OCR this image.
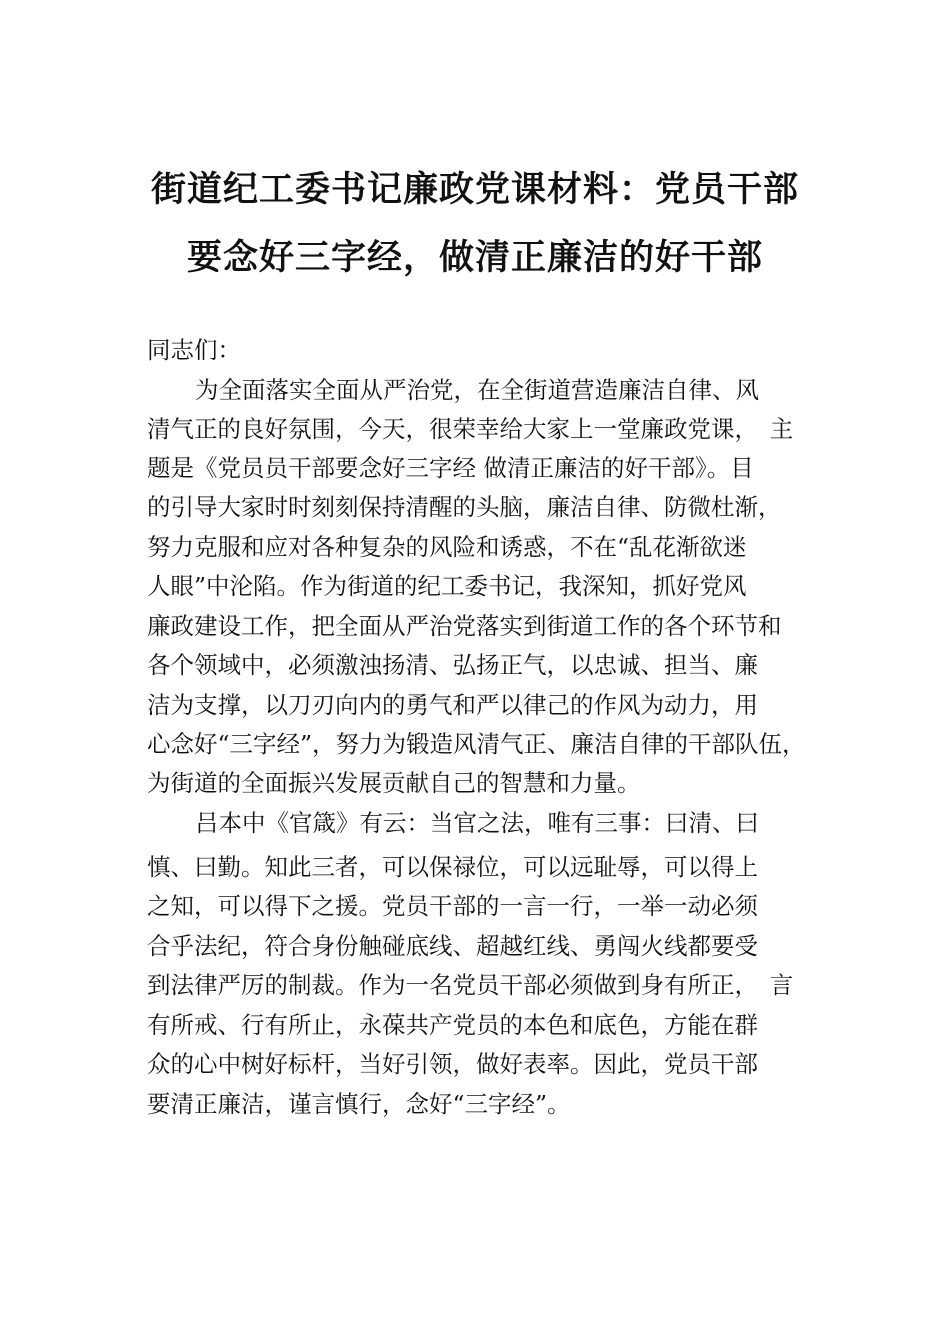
街道纪工委书记廉政党课材料：党员干部
要念好三字经，做清正廉洁的好干部
同志们：
为全面落实全面从严治党，在全街道营造廉洁自律、风
清气正的良好氛围，今天，很荣幸给大家上一堂廉政党课，　主
题是《党员员干部要念好三字经 做清正廉洁的好干部》。目
的引导大家时时刻刻保持清醒的头脑，廉洁自律、防微杜渐，
努力克服和应对各种复杂的风险和诱惑，不在“乱花渐欲迷
人眼”中沦陷。作为街道的纪工委书记，我深知，抓好党风
廉政建设工作，把全面从严治党落实到街道工作的各个环节和
各个领域中，必须激浊扬清、弘扬正气，以忠诚、担当、廉
洁为支撑，以刀刃向内的勇气和严以律己的作风为动力，用
心念好“三字经”，努力为锻造风清气正、廉洁自律的干部队伍，
为街道的全面振兴发展贡献自己的智慧和力量。
吕本中《官箴》有云：当官之法，唯有三事：曰清、曰
慎、曰勤。知此三者，可以保禄位，可以远耻辱，可以得上
之知，可以得下之援。党员干部的一言一行，一举一动必须
合乎法纪，符合身份触碰底线、超越红线、勇闯火线都要受
到法律严厉的制裁。作为一名党员干部必须做到身有所正，　言
有所戒、行有所止，永葆共产党员的本色和底色，方能在群
众的心中树好标杆，当好引领，做好表率。因此，党员干部
要清正廉洁，谨言慎行，念好“三字经”。
